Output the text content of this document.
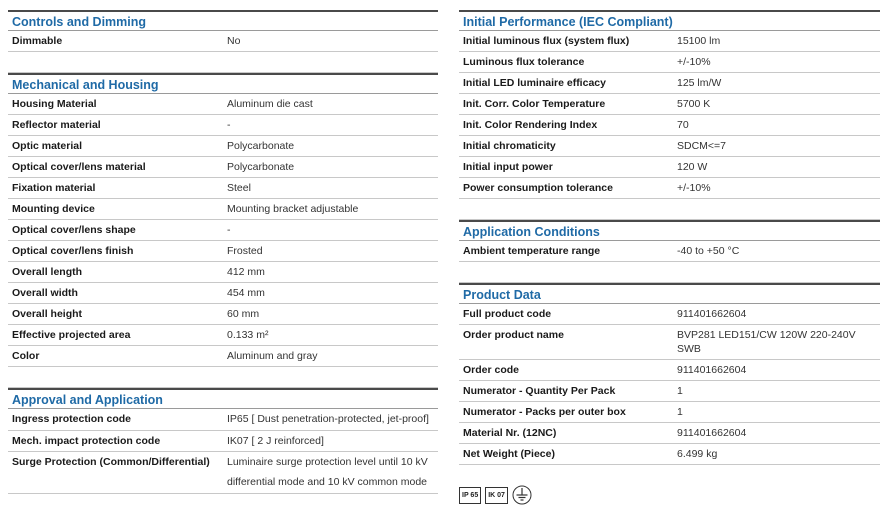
Controls and Dimming
Dimmable	No
Mechanical and Housing
Housing Material	Aluminum die cast
Reflector material	-
Optic material	Polycarbonate
Optical cover/lens material	Polycarbonate
Fixation material	Steel
Mounting device	Mounting bracket adjustable
Optical cover/lens shape	-
Optical cover/lens finish	Frosted
Overall length	412 mm
Overall width	454 mm
Overall height	60 mm
Effective projected area	0.133 m²
Color	Aluminum and gray
Approval and Application
Ingress protection code	IP65 [ Dust penetration-protected, jet-proof]
Mech. impact protection code	IK07 [ 2 J reinforced]
Surge Protection (Common/Differential)	Luminaire surge protection level until 10 kV differential mode and 10 kV common mode
Initial Performance (IEC Compliant)
Initial luminous flux (system flux)	15100 lm
Luminous flux tolerance	+/-10%
Initial LED luminaire efficacy	125 lm/W
Init. Corr. Color Temperature	5700 K
Init. Color Rendering Index	70
Initial chromaticity	SDCM<=7
Initial input power	120 W
Power consumption tolerance	+/-10%
Application Conditions
Ambient temperature range	-40 to +50 °C
Product Data
Full product code	911401662604
Order product name	BVP281 LED151/CW 120W 220-240V SWB
Order code	911401662604
Numerator - Quantity Per Pack	1
Numerator - Packs per outer box	1
Material Nr. (12NC)	911401662604
Net Weight (Piece)	6.499 kg
IP 65	IK 07
